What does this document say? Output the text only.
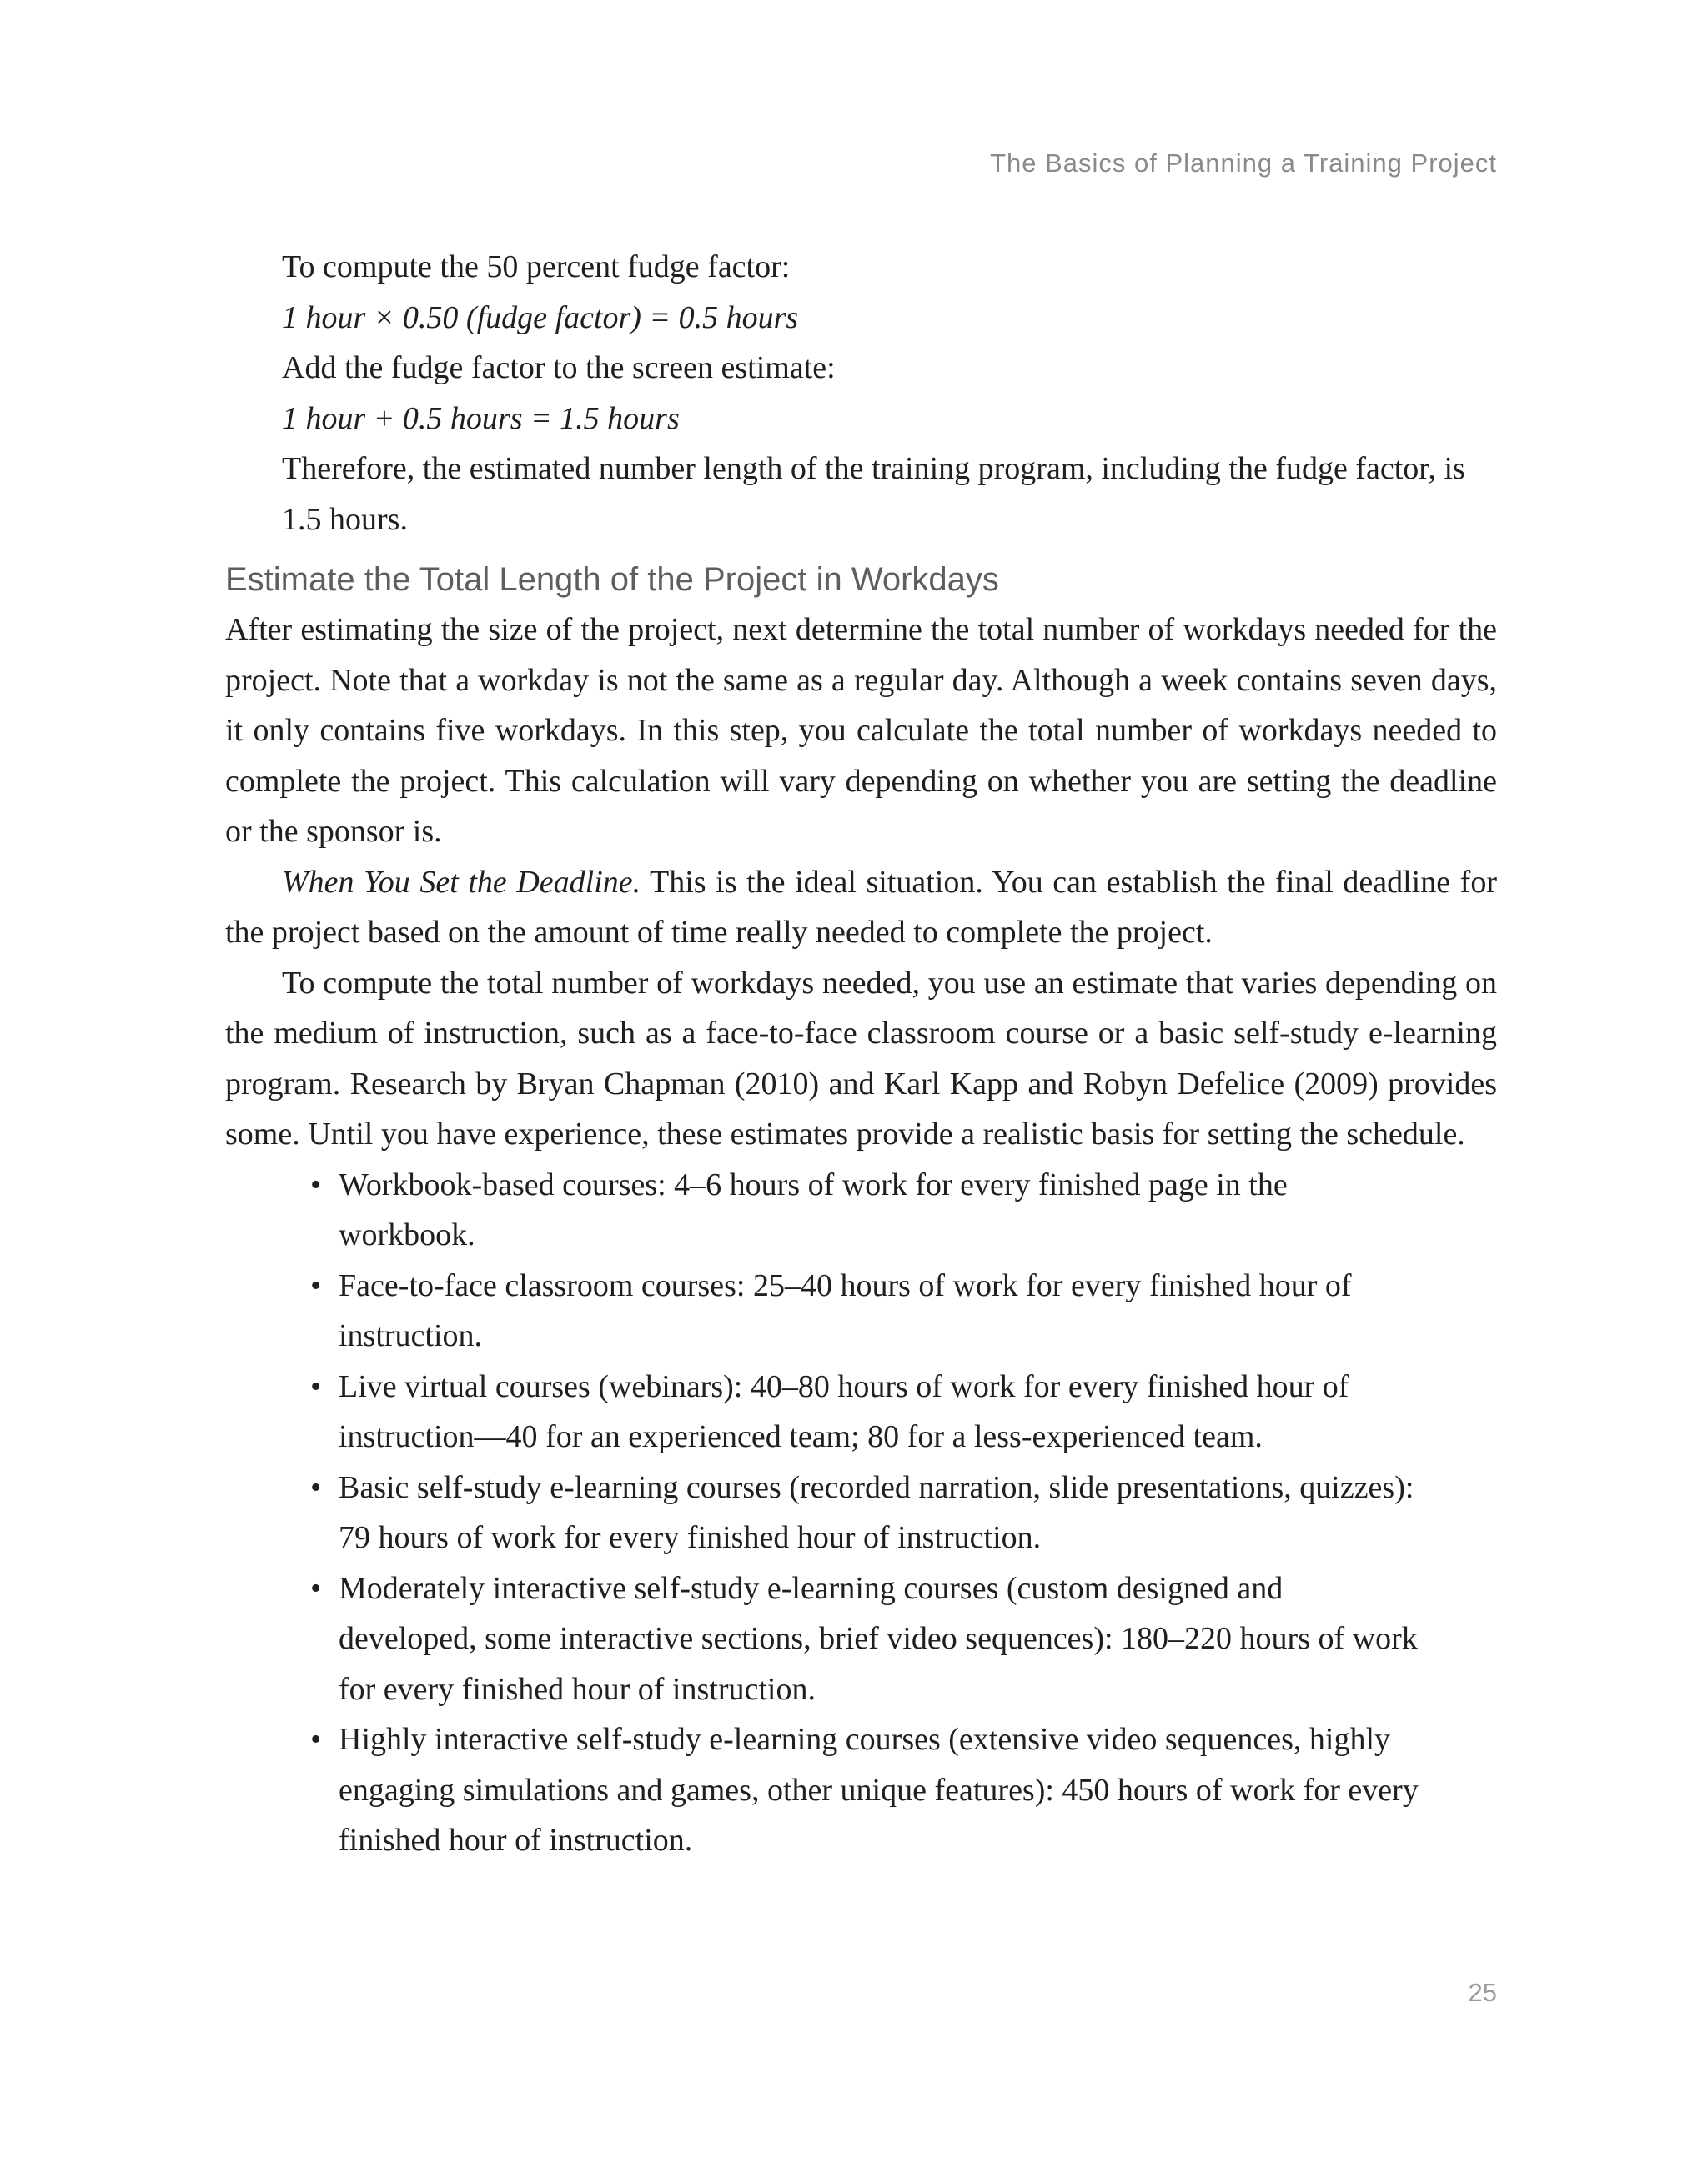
The Basics of Planning a Training Project
To compute the 50 percent fudge factor:
1 hour × 0.50 (fudge factor) = 0.5 hours
Add the fudge factor to the screen estimate:
1 hour + 0.5 hours = 1.5 hours
Therefore, the estimated number length of the training program, including the fudge factor, is 1.5 hours.
Estimate the Total Length of the Project in Workdays
After estimating the size of the project, next determine the total number of workdays needed for the project. Note that a workday is not the same as a regular day. Although a week contains seven days, it only contains five workdays. In this step, you calculate the total number of workdays needed to complete the project. This calculation will vary depending on whether you are setting the deadline or the sponsor is.
When You Set the Deadline. This is the ideal situation. You can establish the final deadline for the project based on the amount of time really needed to complete the project.
To compute the total number of workdays needed, you use an estimate that varies depending on the medium of instruction, such as a face-to-face classroom course or a basic self-study e-learning program. Research by Bryan Chapman (2010) and Karl Kapp and Robyn Defelice (2009) provides some. Until you have experience, these estimates provide a realistic basis for setting the schedule.
• Workbook-based courses: 4–6 hours of work for every finished page in the workbook.
• Face-to-face classroom courses: 25–40 hours of work for every finished hour of instruction.
• Live virtual courses (webinars): 40–80 hours of work for every finished hour of instruction—40 for an experienced team; 80 for a less-experienced team.
• Basic self-study e-learning courses (recorded narration, slide presentations, quizzes): 79 hours of work for every finished hour of instruction.
• Moderately interactive self-study e-learning courses (custom designed and developed, some interactive sections, brief video sequences): 180–220 hours of work for every finished hour of instruction.
• Highly interactive self-study e-learning courses (extensive video sequences, highly engaging simulations and games, other unique features): 450 hours of work for every finished hour of instruction.
25
